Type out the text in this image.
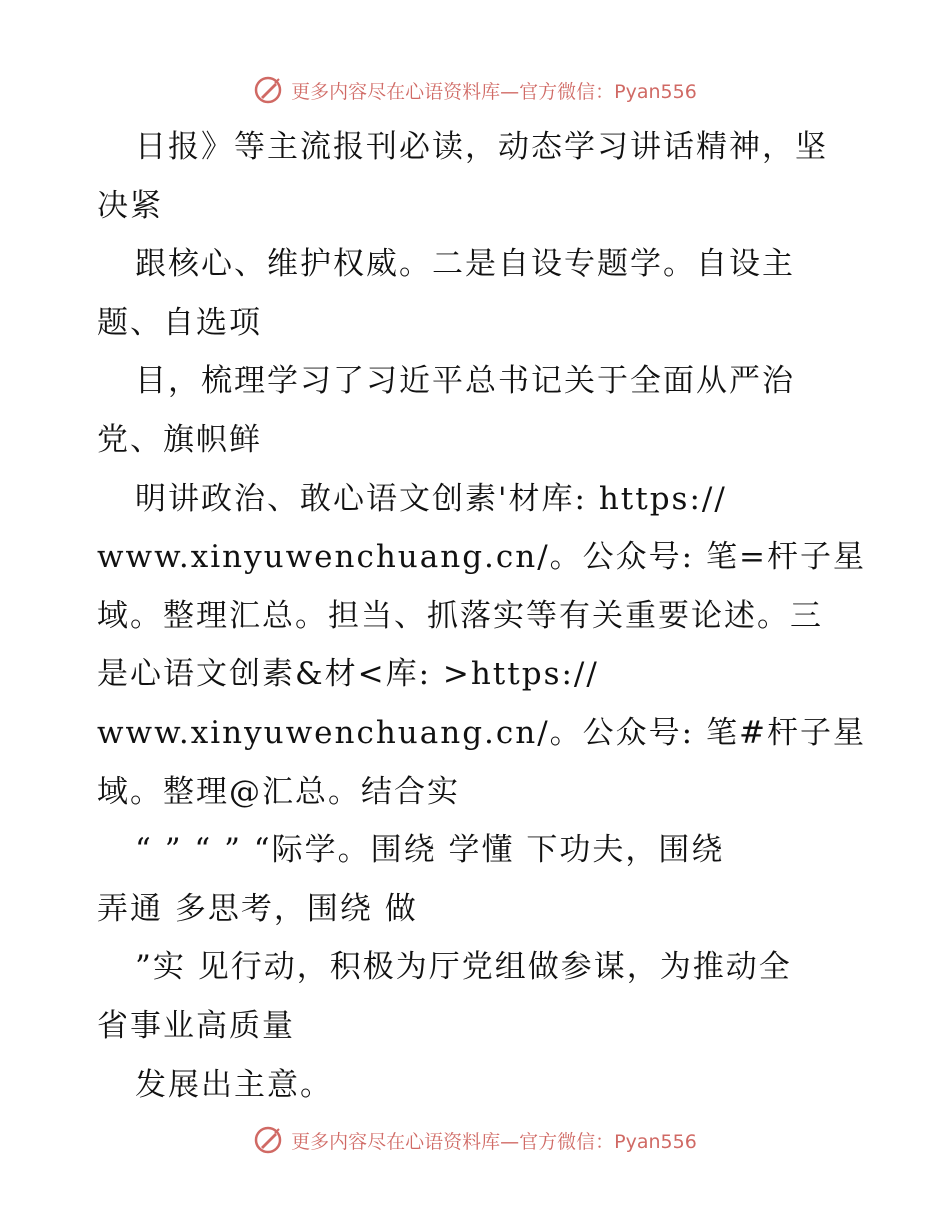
更多内容尽在心语资料库—官方微信：Pyan556
日报》等主流报刊必读，动态学习讲话精神，坚
决紧
跟核心、维护权威。二是自设专题学。自设主
题、自选项
目，梳理学习了习近平总书记关于全面从严治
党、旗帜鲜
明讲政治、敢心语文创素'材库: https://
www.xinyuwenchuang.cn/。公众号: 笔=杆子星
域。整理汇总。担当、抓落实等有关重要论述。三
是心语文创素&材<库: >https://
www.xinyuwenchuang.cn/。公众号: 笔#杆子星
域。整理@汇总。结合实
“ ” “ ” “际学。围绕 学懂 下功夫，围绕
弄通 多思考，围绕 做
”实 见行动，积极为厅党组做参谋，为推动全
省事业高质量
发展出主意。
更多内容尽在心语资料库—官方微信：Pyan556
